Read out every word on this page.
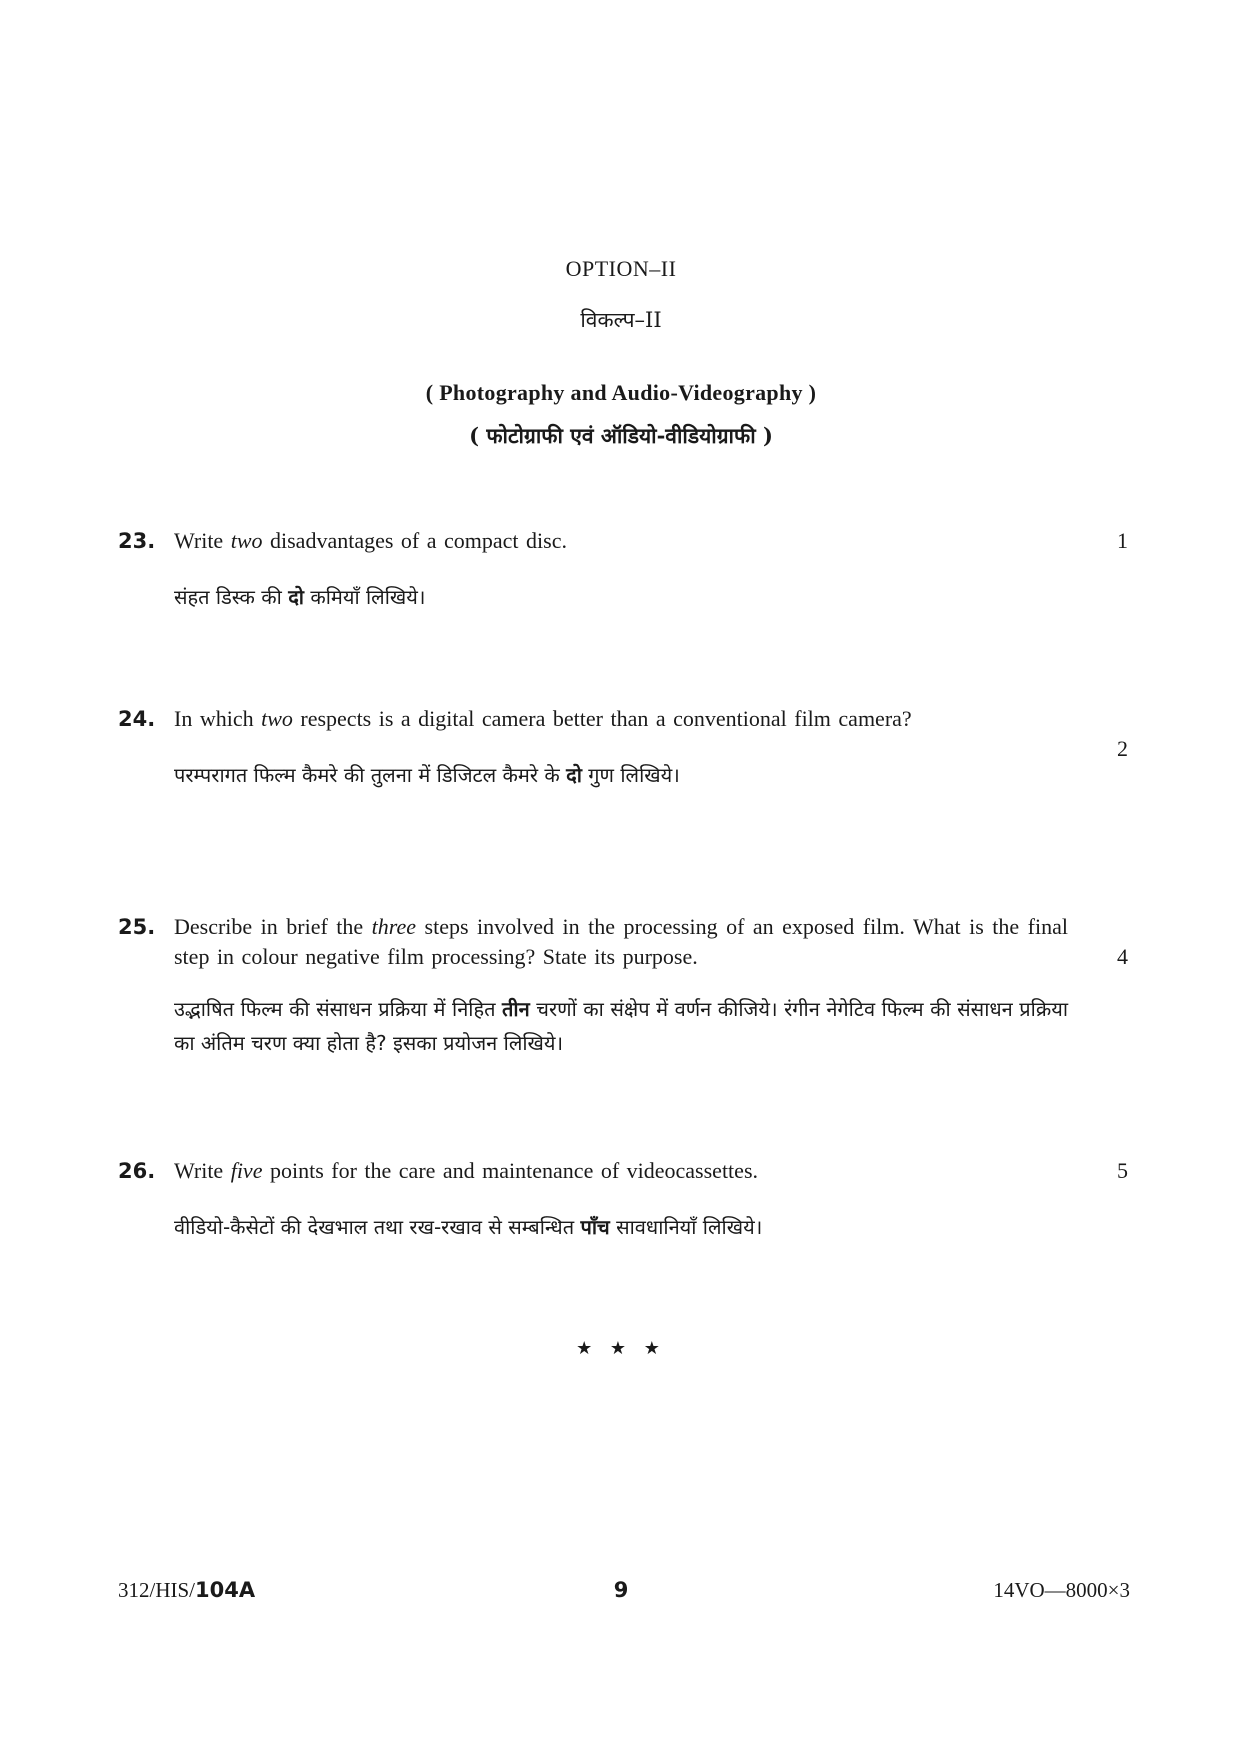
OPTION–II
विकल्प–II
( Photography and Audio-Videography )
( फोटोग्राफी एवं ऑडियो-वीडियोग्राफी )
23. Write two disadvantages of a compact disc.	1
संहत डिस्क की दो कमियाँ लिखिये।
24. In which two respects is a digital camera better than a conventional film camera?
2
परम्परागत फिल्म कैमरे की तुलना में डिजिटल कैमरे के दो गुण लिखिये।
25. Describe in brief the three steps involved in the processing of an exposed film. What is the final step in colour negative film processing? State its purpose.	4
उद्भाषित फिल्म की संसाधन प्रक्रिया में निहित तीन चरणों का संक्षेप में वर्णन कीजिये। रंगीन नेगेटिव फिल्म की संसाधन प्रक्रिया का अंतिम चरण क्या होता है? इसका प्रयोजन लिखिये।
26. Write five points for the care and maintenance of videocassettes.	5
वीडियो-कैसेटों की देखभाल तथा रख-रखाव से सम्बन्धित पाँच सावधानियाँ लिखिये।
★ ★ ★
312/HIS/104A	9	14VO—8000×3
